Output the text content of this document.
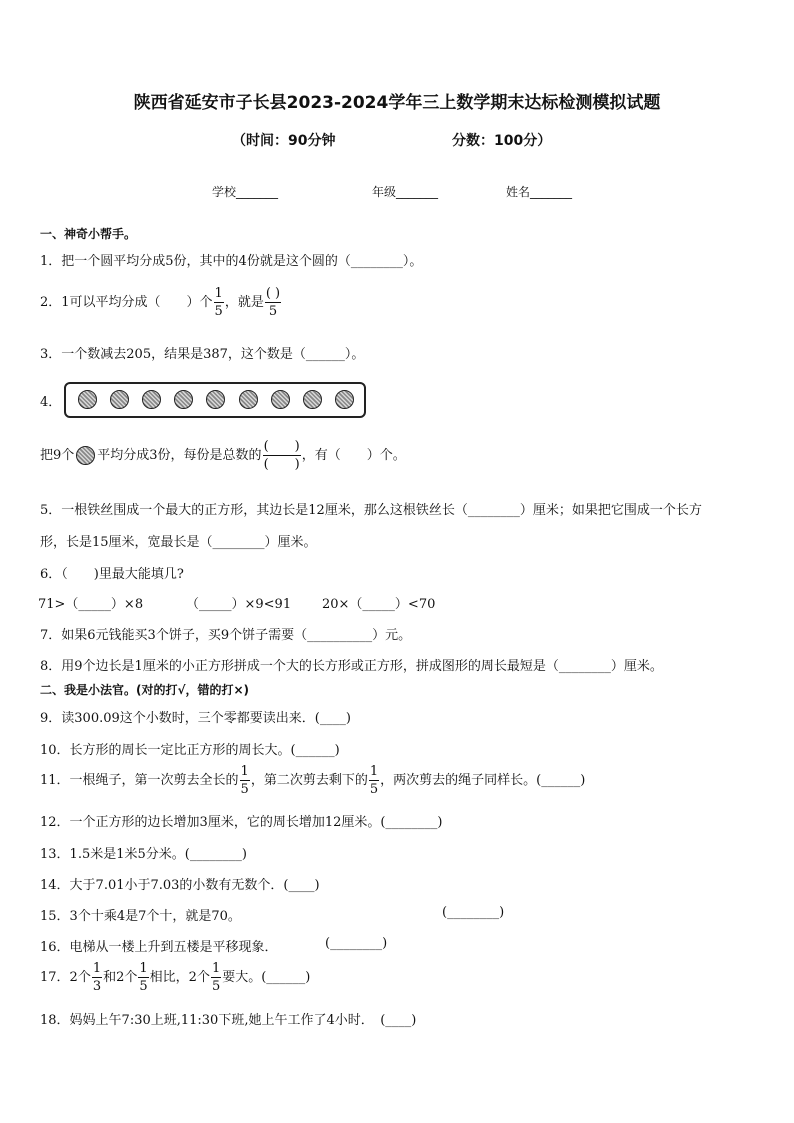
陕西省延安市子长县2023-2024学年三上数学期末达标检测模拟试题
（时间：90分钟	分数：100分）
学校_______	年级_______	姓名_______
一、神奇小帮手。
1．把一个圆平均分成5份，其中的4份就是这个圆的（________）。
2．1可以平均分成（　　）个 $\frac{1}{5}$ ，就是 $\frac{( )}{5}$
3．一个数减去205，结果是387，这个数是（______）。
4．
把9个 平均分成3份，每份是总数的 $\frac{( )}{( )}$ ，有（　　）个。
5．一根铁丝围成一个最大的正方形，其边长是12厘米，那么这根铁丝长（________）厘米；如果把它围成一个长方
形，长是15厘米，宽最长是（________）厘米。
6．（　　)里最大能填几?
71>（_____）×8	（_____）×9<91 20×（_____）<70
7．如果6元钱能买3个饼子，买9个饼子需要（__________）元。
8．用9个边长是1厘米的小正方形拼成一个大的长方形或正方形，拼成图形的周长最短是（________）厘米。
二、我是小法官。(对的打√，错的打×)
9．读300.09这个小数时，三个零都要读出来．(____)
10．长方形的周长一定比正方形的周长大。(______)
11．一根绳子，第一次剪去全长的 $\frac{1}{5}$ ，第二次剪去剩下的 $\frac{1}{5}$ ，两次剪去的绳子同样长。(______)
12．一个正方形的边长增加3厘米，它的周长增加12厘米。(________)
13．1.5米是1米5分米。(________)
14．大于7.01小于7.03的小数有无数个．(____)
15．3个十乘4是7个十，就是70。	(________)
16．电梯从一楼上升到五楼是平移现象．	(________)
17．2个 $\frac{1}{3}$ 和2个 $\frac{1}{5}$ 相比，2个 $\frac{1}{5}$ 要大。(______)
18．妈妈上午7:30上班,11:30下班,她上午工作了4小时．　(____)
